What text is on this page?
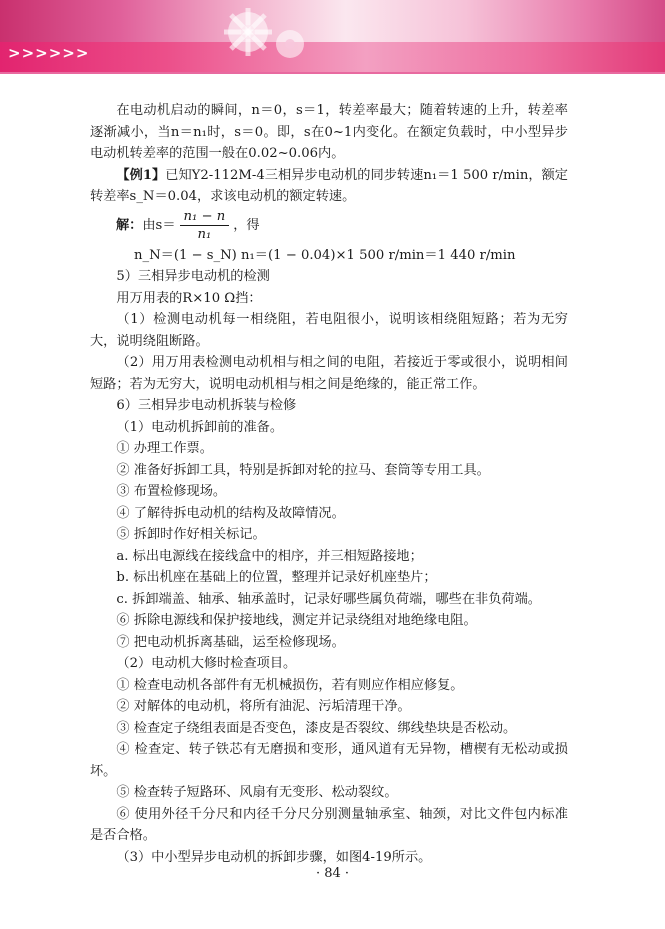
>>>>>>

在电动机启动的瞬间，n＝0，s＝1，转差率最大；随着转速的上升，转差率逐渐减小，当n＝n₁时，s＝0。即，s在0~1内变化。在额定负载时，中小型异步电动机转差率的范围一般在0.02~0.06内。

【例1】已知Y2-112M-4三相异步电动机的同步转速n₁＝1 500 r/min，额定转差率s_N＝0.04，求该电动机的额定转速。

解：由$s= \frac{\text{n₁ − n}}{\text{n₁}}$ ，得

n_N＝(1 − s_N) n₁＝(1 − 0.04)×1 500 r/min＝1 440 r/min

5）三相异步电动机的检测

用万用表的R×10 Ω挡：

（1）检测电动机每一相绕阻，若电阻很小，说明该相绕阻短路；若为无穷大，说明绕阻断路。

（2）用万用表检测电动机相与相之间的电阻，若接近于零或很小，说明相间短路；若为无穷大，说明电动机相与相之间是绝缘的，能正常工作。

6）三相异步电动机拆装与检修

（1）电动机拆卸前的准备。

① 办理工作票。

② 准备好拆卸工具，特别是拆卸对轮的拉马、套筒等专用工具。

③ 布置检修现场。

④ 了解待拆电动机的结构及故障情况。

⑤ 拆卸时作好相关标记。

a. 标出电源线在接线盒中的相序，并三相短路接地；

b. 标出机座在基础上的位置，整理并记录好机座垫片；

c. 拆卸端盖、轴承、轴承盖时，记录好哪些属负荷端，哪些在非负荷端。

⑥ 拆除电源线和保护接地线，测定并记录绕组对地绝缘电阻。

⑦ 把电动机拆离基础，运至检修现场。

（2）电动机大修时检查项目。

① 检查电动机各部件有无机械损伤，若有则应作相应修复。

② 对解体的电动机，将所有油泥、污垢清理干净。

③ 检查定子绕组表面是否变色，漆皮是否裂纹、绑线垫块是否松动。

④ 检查定、转子铁芯有无磨损和变形，通风道有无异物，槽楔有无松动或损坏。

⑤ 检查转子短路环、风扇有无变形、松动裂纹。

⑥ 使用外径千分尺和内径千分尺分别测量轴承室、轴颈，对比文件包内标准是否合格。

（3）中小型异步电动机的拆卸步骤，如图4-19所示。

· 84 ·
